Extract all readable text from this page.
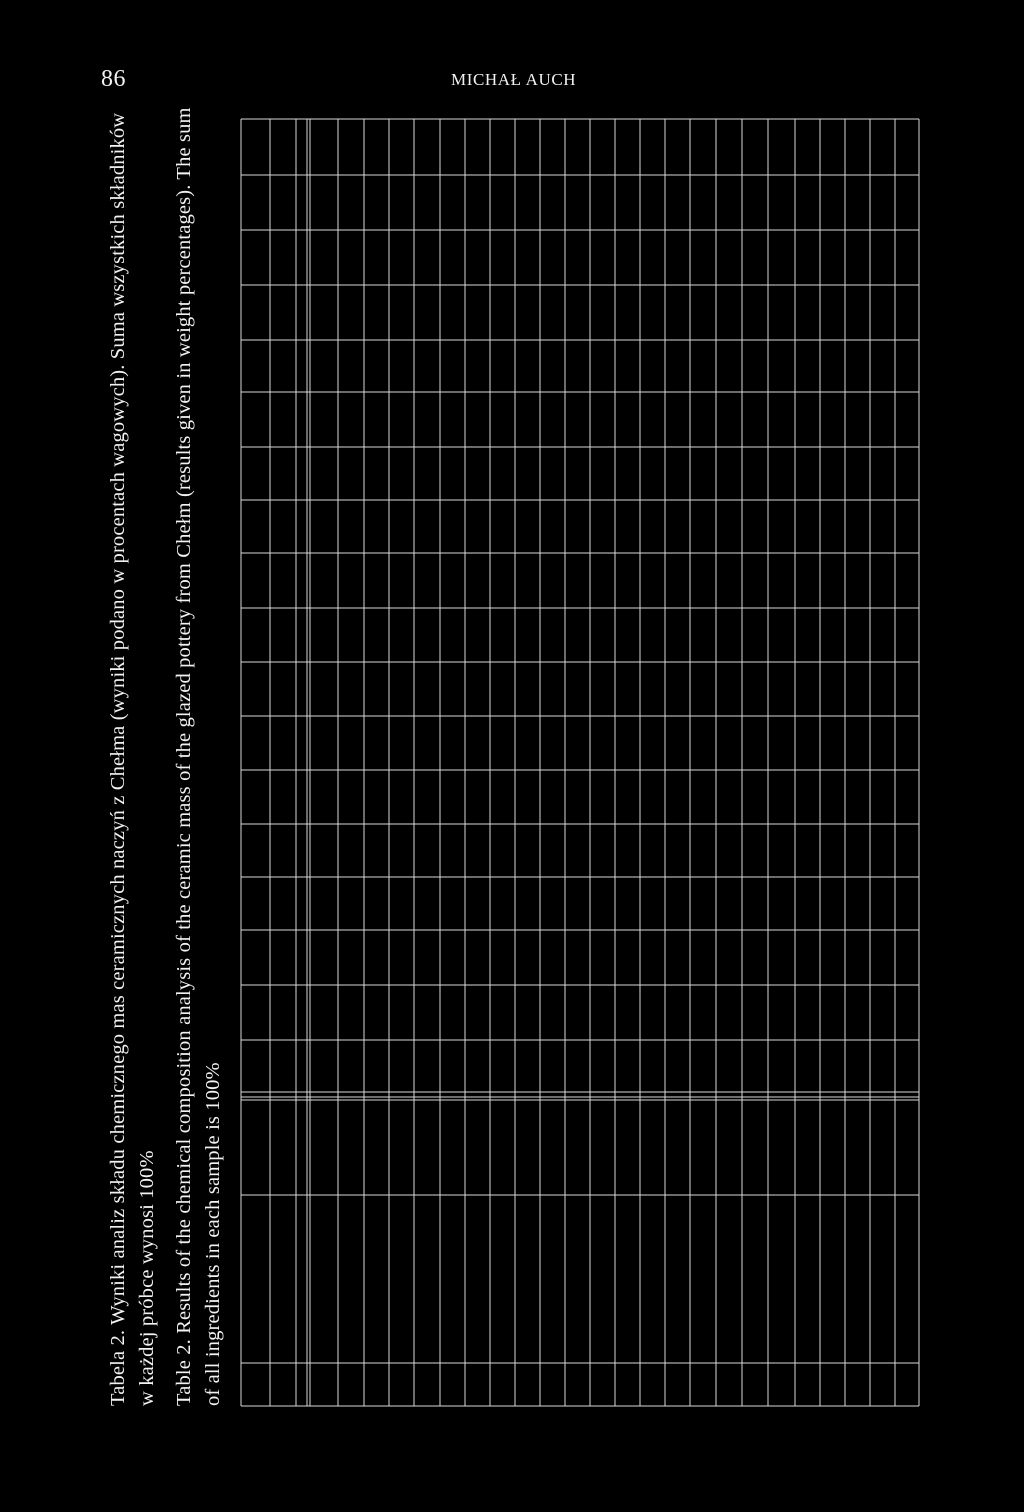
86	MICHAŁ AUCH
Tabela 2. Wyniki analiz składu chemicznego mas ceramicznych naczyń z Chełma (wyniki podano w procentach wagowych). Suma wszystkich składników w każdej próbce wynosi 100% Table 2. Results of the chemical composition analysis of the ceramic mass of the glazed pottery from Chełm (results given in weight percentages). The sum of all ingredients in each sample is 100%
